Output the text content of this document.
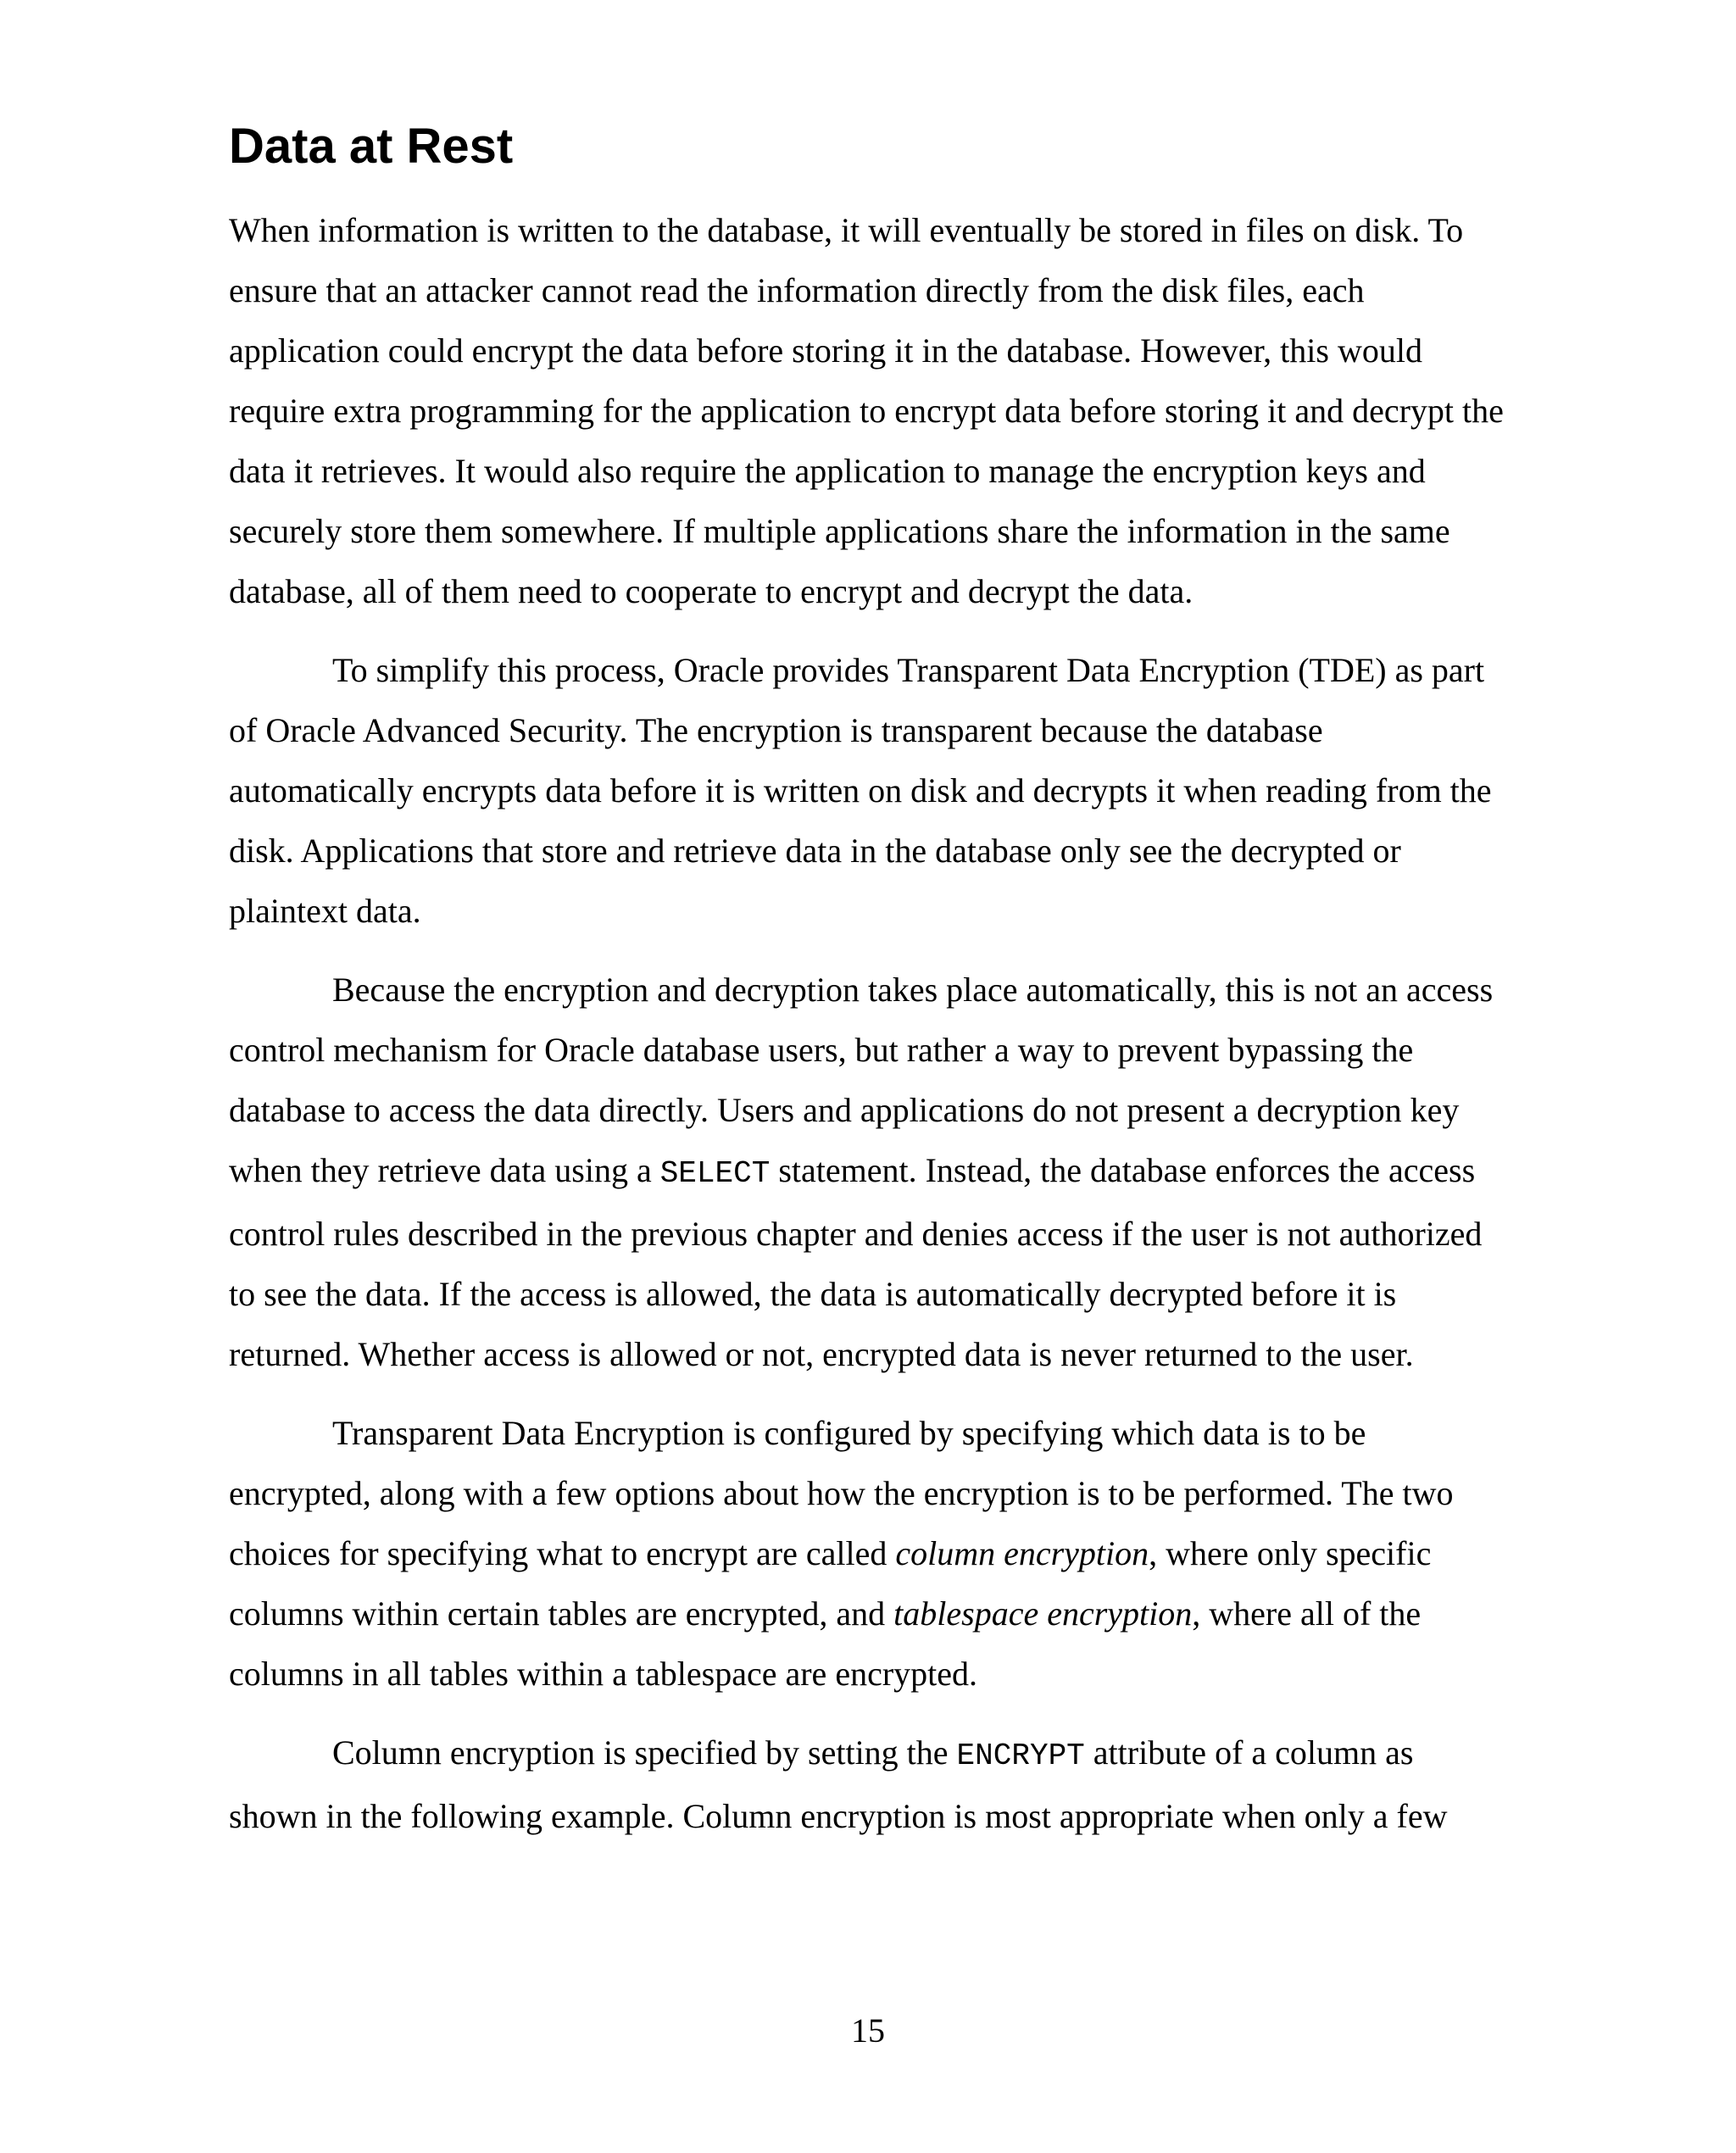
Data at Rest

When information is written to the database, it will eventually be stored in files on disk. To ensure that an attacker cannot read the information directly from the disk files, each application could encrypt the data before storing it in the database. However, this would require extra programming for the application to encrypt data before storing it and decrypt the data it retrieves. It would also require the application to manage the encryption keys and securely store them somewhere. If multiple applications share the information in the same database, all of them need to cooperate to encrypt and decrypt the data.

To simplify this process, Oracle provides Transparent Data Encryption (TDE) as part of Oracle Advanced Security. The encryption is transparent because the database automatically encrypts data before it is written on disk and decrypts it when reading from the disk. Applications that store and retrieve data in the database only see the decrypted or plaintext data.

Because the encryption and decryption takes place automatically, this is not an access control mechanism for Oracle database users, but rather a way to prevent bypassing the database to access the data directly. Users and applications do not present a decryption key when they retrieve data using a SELECT statement. Instead, the database enforces the access control rules described in the previous chapter and denies access if the user is not authorized to see the data. If the access is allowed, the data is automatically decrypted before it is returned. Whether access is allowed or not, encrypted data is never returned to the user.

Transparent Data Encryption is configured by specifying which data is to be encrypted, along with a few options about how the encryption is to be performed. The two choices for specifying what to encrypt are called column encryption, where only specific columns within certain tables are encrypted, and tablespace encryption, where all of the columns in all tables within a tablespace are encrypted.

Column encryption is specified by setting the ENCRYPT attribute of a column as shown in the following example. Column encryption is most appropriate when only a few

15
